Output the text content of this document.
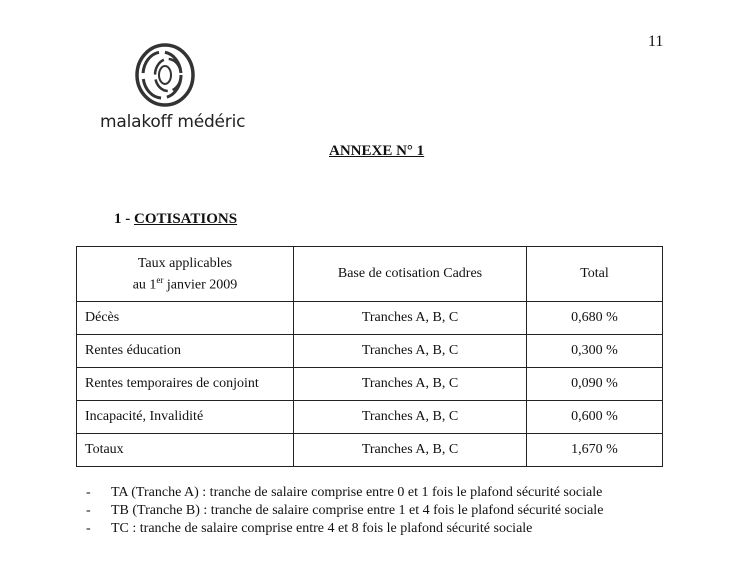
11
malakoff médéric
ANNEXE N° 1
1 - COTISATIONS
Taux applicables
au 1er janvier 2009	Base de cotisation Cadres	Total
Décès	Tranches A, B, C	0,680 %
Rentes éducation	Tranches A, B, C	0,300 %
Rentes temporaires de conjoint	Tranches A, B, C	0,090 %
Incapacité, Invalidité	Tranches A, B, C	0,600 %
Totaux	Tranches A, B, C	1,670 %
-	TA (Tranche A) : tranche de salaire comprise entre 0 et 1 fois le plafond sécurité sociale
-	TB (Tranche B) : tranche de salaire comprise entre 1 et 4 fois le plafond sécurité sociale
-	TC : tranche de salaire comprise entre 4 et 8 fois le plafond sécurité sociale
